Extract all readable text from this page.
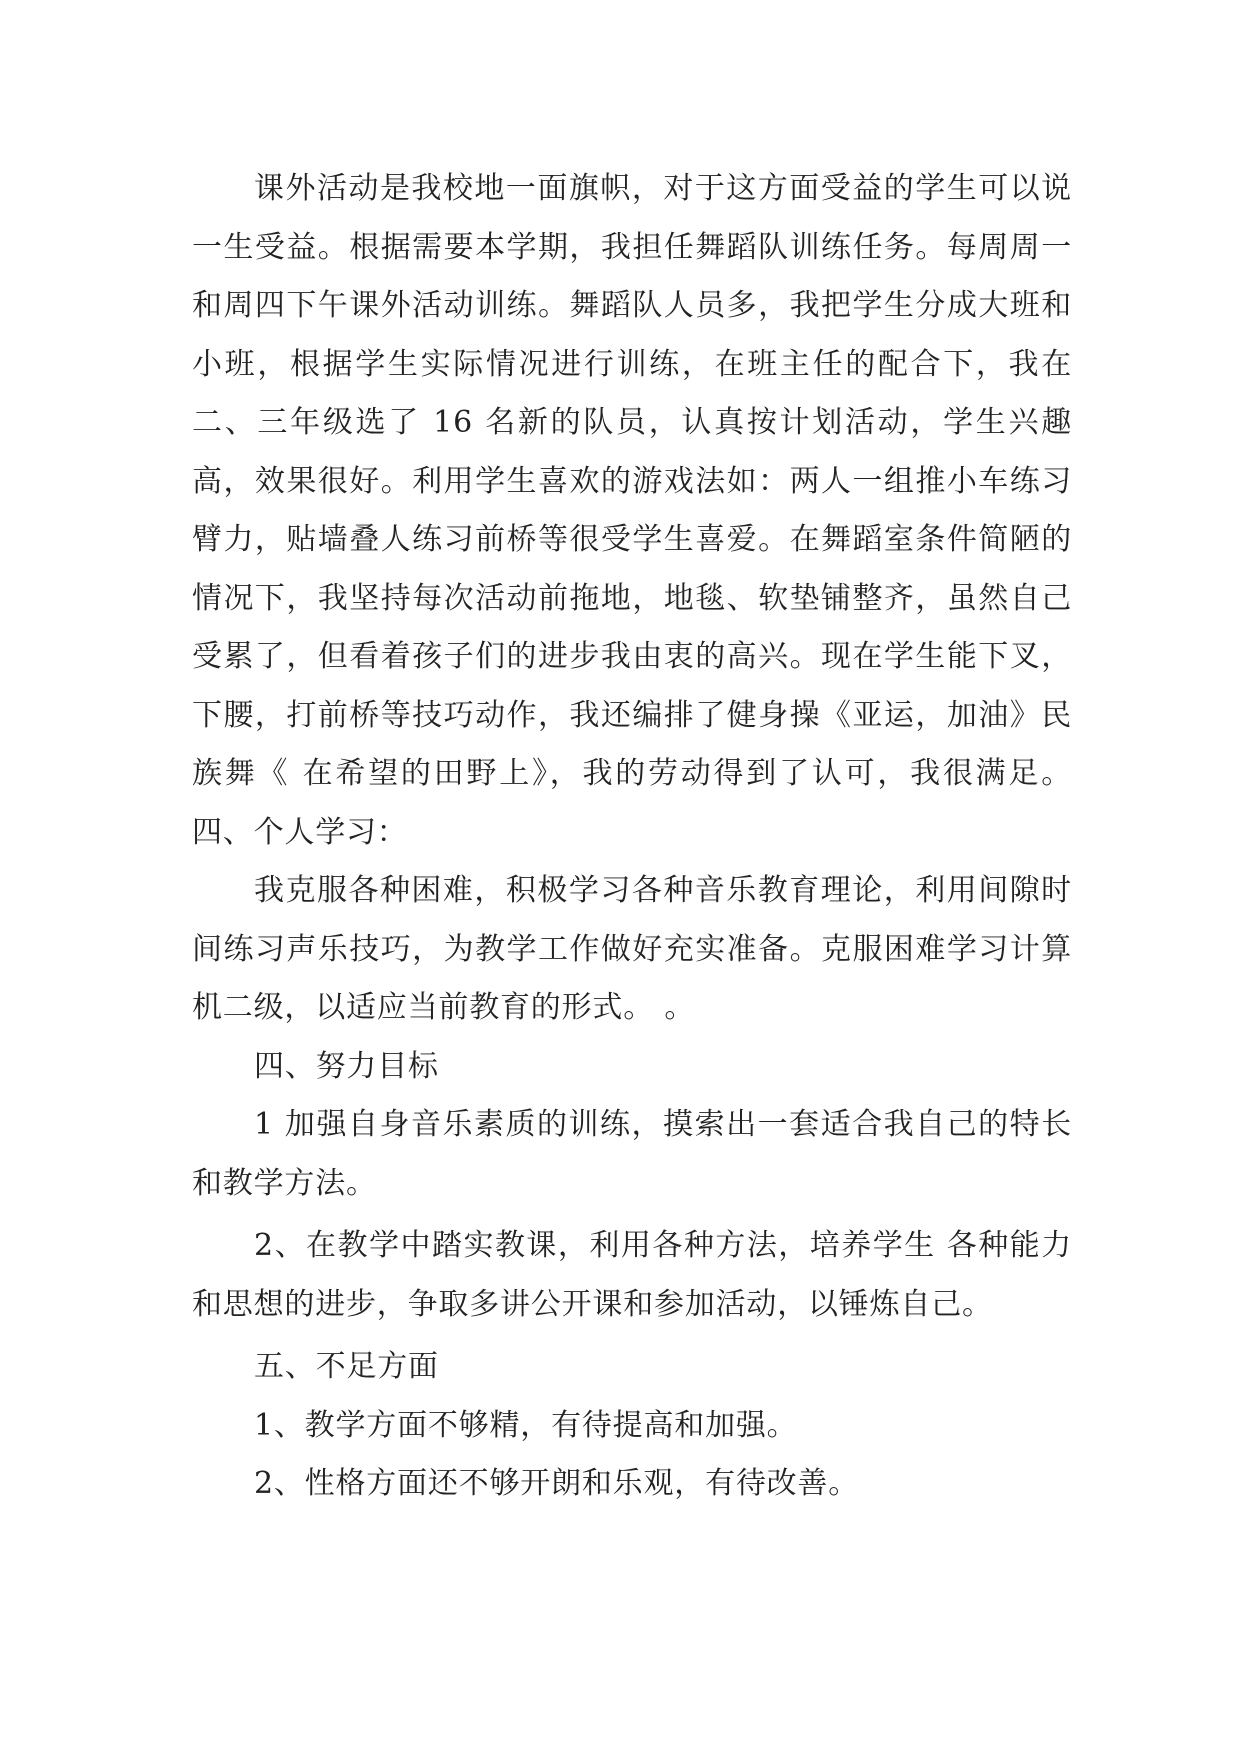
课外活动是我校地一面旗帜，对于这方面受益的学生可以说一生受益。根据需要本学期，我担任舞蹈队训练任务。每周周一和周四下午课外活动训练。舞蹈队人员多，我把学生分成大班和小班，根据学生实际情况进行训练，在班主任的配合下，我在二、三年级选了 16 名新的队员，认真按计划活动，学生兴趣高，效果很好。利用学生喜欢的游戏法如：两人一组推小车练习臂力，贴墙叠人练习前桥等很受学生喜爱。在舞蹈室条件简陋的情况下，我坚持每次活动前拖地，地毯、软垫铺整齐，虽然自己受累了，但看着孩子们的进步我由衷的高兴。现在学生能下叉，下腰，打前桥等技巧动作，我还编排了健身操《亚运，加油》民族舞《 在希望的田野上》，我的劳动得到了认可，我很满足。 四、个人学习：

我克服各种困难，积极学习各种音乐教育理论，利用间隙时间练习声乐技巧，为教学工作做好充实准备。克服困难学习计算机二级，以适应当前教育的形式。 。

四、努力目标

1 加强自身音乐素质的训练，摸索出一套适合我自己的特长和教学方法。

2、在教学中踏实教课，利用各种方法，培养学生 各种能力和思想的进步，争取多讲公开课和参加活动，以锤炼自己。

五、不足方面

1、教学方面不够精，有待提高和加强。

2、性格方面还不够开朗和乐观，有待改善。
